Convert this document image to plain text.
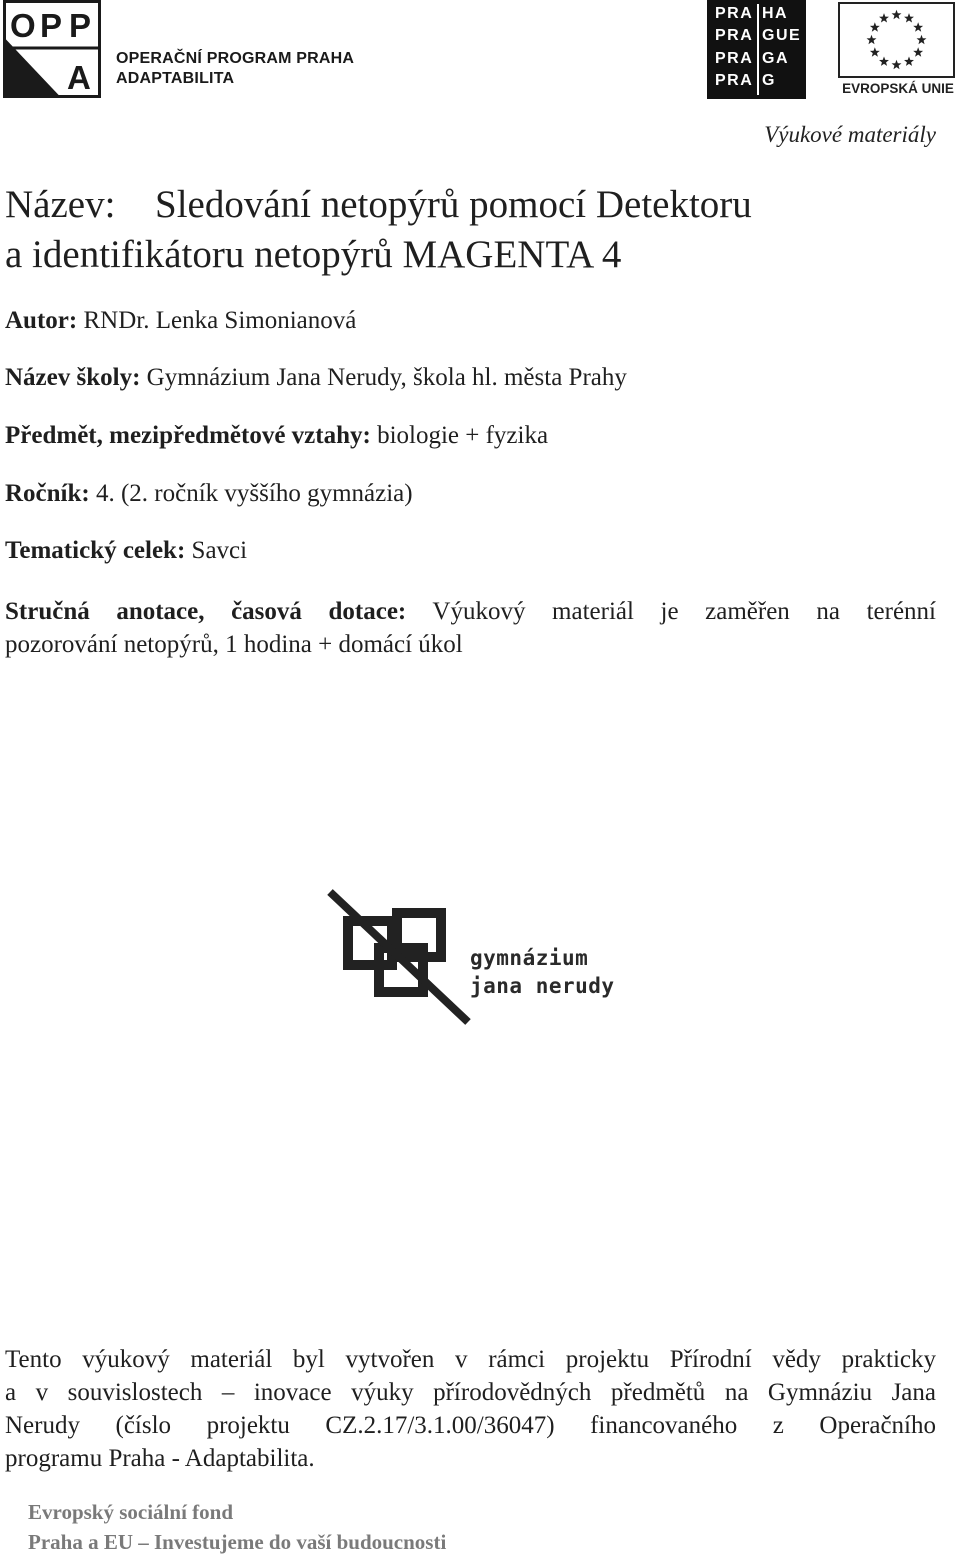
O P P
A
OPERAČNÍ PROGRAM PRAHA
ADAPTABILITA
PRA HA
PRA GUE
PRA GA
PRA G	EVROPSKÁ UNIE
Výukové materiály
Název: Sledování netopýrů pomocí Detektoru
a identifikátoru netopýrů MAGENTA 4
Autor: RNDr. Lenka Simonianová
Název školy: Gymnázium Jana Nerudy, škola hl. města Prahy
Předmět, mezipředmětové vztahy: biologie + fyzika
Ročník: 4. (2. ročník vyššího gymnázia)
Tematický celek: Savci
Stručná anotace, časová dotace: Výukový materiál je zaměřen na terénní
pozorování netopýrů, 1 hodina + domácí úkol
gymnázium
jana nerudy
Tento výukový materiál byl vytvořen v rámci projektu Přírodní vědy prakticky
a v souvislostech – inovace výuky přírodovědných předmětů na Gymnáziu Jana
Nerudy (číslo projektu CZ.2.17/3.1.00/36047) financovaného z Operačního
programu Praha - Adaptabilita.
Evropský sociální fond
Praha a EU – Investujeme do vaší budoucnosti
